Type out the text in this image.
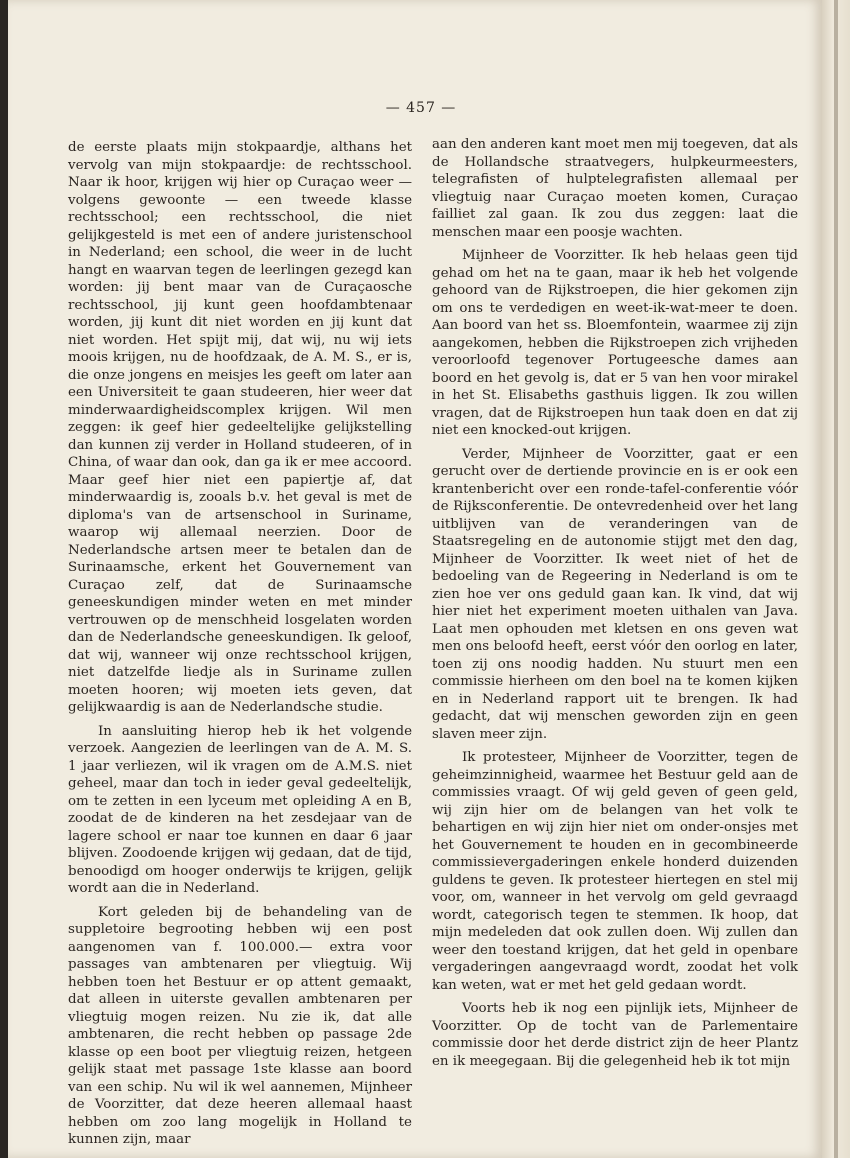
— 457 —

de eerste plaats mijn stokpaardje, althans het vervolg van mijn stokpaardje: de rechtsschool. Naar ik hoor, krijgen wij hier op Curaçao weer — volgens gewoonte — een tweede klasse rechtsschool; een rechtsschool, die niet gelijkgesteld is met een of andere juristenschool in Nederland; een school, die weer in de lucht hangt en waarvan tegen de leerlingen gezegd kan worden: jij bent maar van de Curaçaosche rechtsschool, jij kunt geen hoofdambtenaar worden, jij kunt dit niet worden en jij kunt dat niet worden. Het spijt mij, dat wij, nu wij iets moois krijgen, nu de hoofdzaak, de A. M. S., er is, die onze jongens en meisjes les geeft om later aan een Universiteit te gaan studeeren, hier weer dat minderwaardigheidscomplex krijgen. Wil men zeggen: ik geef hier gedeeltelijke gelijkstelling dan kunnen zij verder in Holland studeeren, of in China, of waar dan ook, dan ga ik er mee accoord. Maar geef hier niet een papiertje af, dat minderwaardig is, zooals b.v. het geval is met de diploma's van de artsenschool in Suriname, waarop wij allemaal neerzien. Door de Nederlandsche artsen meer te betalen dan de Surinaamsche, erkent het Gouvernement van Curaçao zelf, dat de Surinaamsche geneeskundigen minder weten en met minder vertrouwen op de menschheid losgelaten worden dan de Nederlandsche geneeskundigen. Ik geloof, dat wij, wanneer wij onze rechtsschool krijgen, niet datzelfde liedje als in Suriname zullen moeten hooren; wij moeten iets geven, dat gelijkwaardig is aan de Nederlandsche studie.

In aansluiting hierop heb ik het volgende verzoek. Aangezien de leerlingen van de A. M. S. 1 jaar verliezen, wil ik vragen om de A.M.S. niet geheel, maar dan toch in ieder geval gedeeltelijk, om te zetten in een lyceum met opleiding A en B, zoodat de de kinderen na het zesdejaar van de lagere school er naar toe kunnen en daar 6 jaar blijven. Zoodoende krijgen wij gedaan, dat de tijd, benoodigd om hooger onderwijs te krijgen, gelijk wordt aan die in Nederland.

Kort geleden bij de behandeling van de suppletoire begrooting hebben wij een post aangenomen van f. 100.000.— extra voor passages van ambtenaren per vliegtuig. Wij hebben toen het Bestuur er op attent gemaakt, dat alleen in uiterste gevallen ambtenaren per vliegtuig mogen reizen. Nu zie ik, dat alle ambtenaren, die recht hebben op passage 2de klasse op een boot per vliegtuig reizen, hetgeen gelijk staat met passage 1ste klasse aan boord van een schip. Nu wil ik wel aannemen, Mijnheer de Voorzitter, dat deze heeren allemaal haast hebben om zoo lang mogelijk in Holland te kunnen zijn, maar

aan den anderen kant moet men mij toegeven, dat als de Hollandsche straatvegers, hulpkeurmeesters, telegrafisten of hulptelegrafisten allemaal per vliegtuig naar Curaçao moeten komen, Curaçao failliet zal gaan. Ik zou dus zeggen: laat die menschen maar een poosje wachten.

Mijnheer de Voorzitter. Ik heb helaas geen tijd gehad om het na te gaan, maar ik heb het volgende gehoord van de Rijkstroepen, die hier gekomen zijn om ons te verdedigen en weet-ik-wat-meer te doen. Aan boord van het ss. Bloemfontein, waarmee zij zijn aangekomen, hebben die Rijkstroepen zich vrijheden veroorloofd tegenover Portugeesche dames aan boord en het gevolg is, dat er 5 van hen voor mirakel in het St. Elisabeths gasthuis liggen. Ik zou willen vragen, dat de Rijkstroepen hun taak doen en dat zij niet een knocked-out krijgen.

Verder, Mijnheer de Voorzitter, gaat er een gerucht over de dertiende provincie en is er ook een krantenbericht over een ronde-tafel-conferentie vóór de Rijksconferentie. De ontevredenheid over het lang uitblijven van de veranderingen van de Staatsregeling en de autonomie stijgt met den dag, Mijnheer de Voorzitter. Ik weet niet of het de bedoeling van de Regeering in Nederland is om te zien hoe ver ons geduld gaan kan. Ik vind, dat wij hier niet het experiment moeten uithalen van Java. Laat men ophouden met kletsen en ons geven wat men ons beloofd heeft, eerst vóór den oorlog en later, toen zij ons noodig hadden. Nu stuurt men een commissie hierheen om den boel na te komen kijken en in Nederland rapport uit te brengen. Ik had gedacht, dat wij menschen geworden zijn en geen slaven meer zijn.

Ik protesteer, Mijnheer de Voorzitter, tegen de geheimzinnigheid, waarmee het Bestuur geld aan de commissies vraagt. Of wij geld geven of geen geld, wij zijn hier om de belangen van het volk te behartigen en wij zijn hier niet om onder-onsjes met het Gouvernement te houden en in gecombineerde commissievergaderingen enkele honderd duizenden guldens te geven. Ik protesteer hiertegen en stel mij voor, om, wanneer in het vervolg om geld gevraagd wordt, categorisch tegen te stemmen. Ik hoop, dat mijn medeleden dat ook zullen doen. Wij zullen dan weer den toestand krijgen, dat het geld in openbare vergaderingen aangevraagd wordt, zoodat het volk kan weten, wat er met het geld gedaan wordt.

Voorts heb ik nog een pijnlijk iets, Mijnheer de Voorzitter. Op de tocht van de Parlementaire commissie door het derde district zijn de heer Plantz en ik meegegaan. Bij die gelegenheid heb ik tot mijn
